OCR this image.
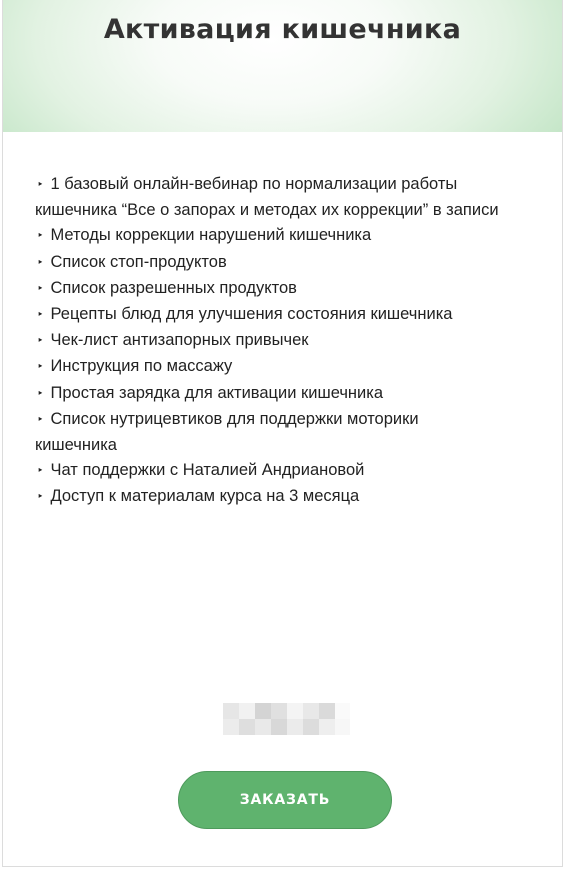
Активация кишечника
‣ 1 базовый онлайн-вебинар по нормализации работы кишечника “Все о запорах и методах их коррекции” в записи
‣ Методы коррекции нарушений кишечника
‣ Список стоп-продуктов
‣ Список разрешенных продуктов
‣ Рецепты блюд для улучшения состояния кишечника
‣ Чек-лист антизапорных привычек
‣ Инструкция по массажу
‣ Простая зарядка для активации кишечника
‣ Список нутрицевтиков для поддержки моторики кишечника
‣ Чат поддержки с Наталией Андриановой
‣ Доступ к материалам курса на 3 месяца
ЗАКАЗАТЬ
